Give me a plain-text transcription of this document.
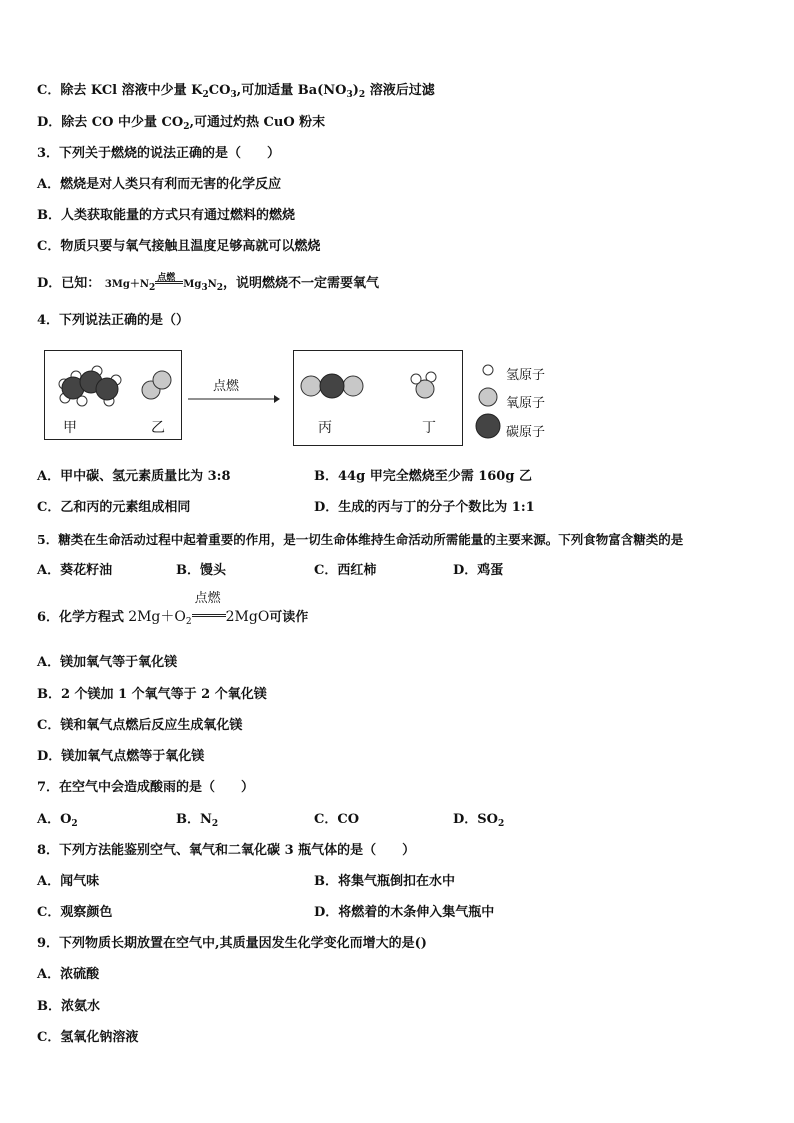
C．除去 KCl 溶液中少量 $K_2CO_3$,可加适量 $Ba(NO_3)_2$ 溶液后过滤
D．除去 CO 中少量 $CO_2$,可通过灼热 CuO 粉末
3．下列关于燃烧的说法正确的是（　　）
A．燃烧是对人类只有利而无害的化学反应
B．人类获取能量的方式只有通过燃料的燃烧
C．物质只要与氧气接触且温度足够高就可以燃烧
D．已知： $3Mg+N_2$
点燃
$Mg_3N_2$，说明燃烧不一定需要氧气
4．下列说法正确的是（）
甲	乙
点燃
丙	丁
氢原子
氧原子
碳原子
A．甲中碳、氢元素质量比为 3:8	B．44g 甲完全燃烧至少需 160g 乙
C．乙和丙的元素组成相同	D．生成的丙与丁的分子个数比为 1:1
5．糖类在生命活动过程中起着重要的作用，是一切生命体维持生命活动所需能量的主要来源。下列食物富含糖类的是
A．葵花籽油	B．馒头	C．西红柿	D．鸡蛋
6．化学方程式 $2Mg+O_2$
点燃
2MgO可读作
A．镁加氧气等于氧化镁
B．2 个镁加 1 个氧气等于 2 个氧化镁
C．镁和氧气点燃后反应生成氧化镁
D．镁加氧气点燃等于氧化镁
7．在空气中会造成酸雨的是（　　）
A．$O_2$	B．$N_2$	C．CO	D．$SO_2$
8．下列方法能鉴别空气、氧气和二氧化碳 3 瓶气体的是（　　）
A．闻气味	B．将集气瓶倒扣在水中
C．观察颜色	D．将燃着的木条伸入集气瓶中
9．下列物质长期放置在空气中,其质量因发生化学变化而增大的是()
A．浓硫酸
B．浓氨水
C．氢氧化钠溶液
